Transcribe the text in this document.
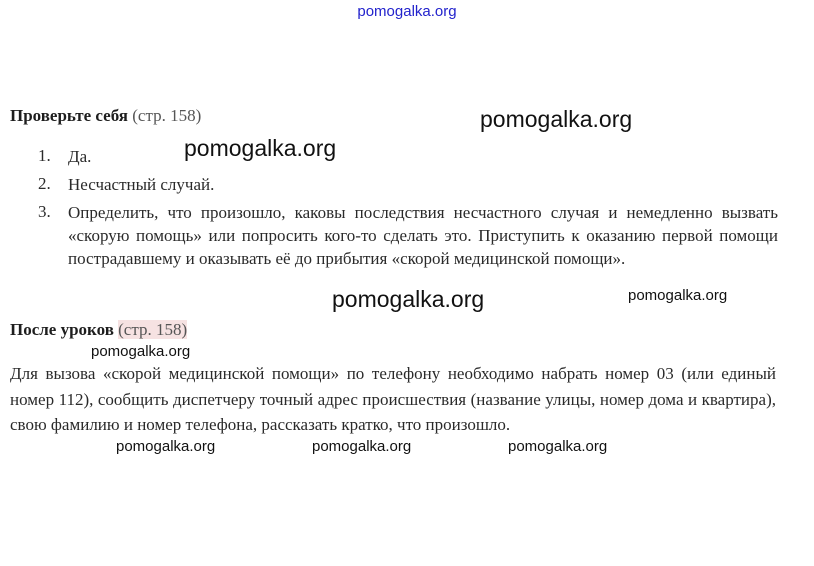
pomogalka.org
Проверьте себя (стр. 158)
1. Да.
2. Несчастный случай.
3. Определить, что произошло, каковы последствия несчастного случая и немедленно вызвать «скорую помощь» или попросить кого-то сделать это. Приступить к оказанию первой помощи пострадавшему и оказывать её до прибытия «скорой медицинской помощи».
После уроков (стр. 158)

Для вызова «скорой медицинской помощи» по телефону необходимо набрать номер 03 (или единый номер 112), сообщить диспетчеру точный адрес происшествия (название улицы, номер дома и квартира), свою фамилию и номер телефона, рассказать кратко, что произошло.

pomogalka.org
pomogalka.org
pomogalka.org	pomogalka.org
pomogalka.org
pomogalka.org	pomogalka.org	pomogalka.org
